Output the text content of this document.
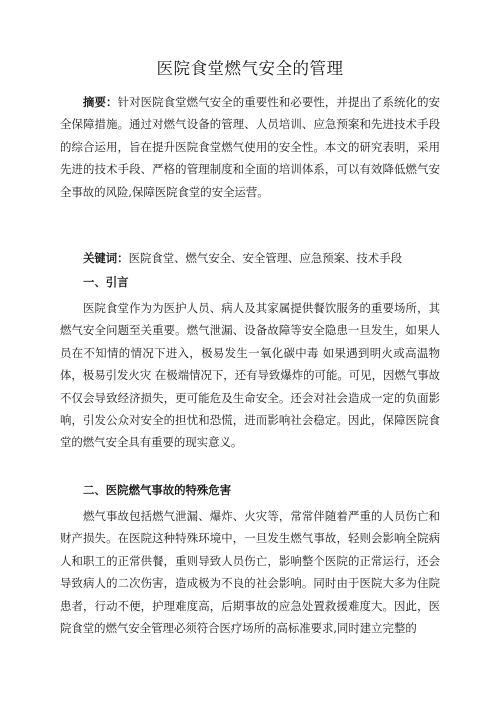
医院食堂燃气安全的管理
摘要：针对医院食堂燃气安全的重要性和必要性，并提出了系统化的安全保障措施。通过对燃气设备的管理、人员培训、应急预案和先进技术手段的综合运用，旨在提升医院食堂燃气使用的安全性。本文的研究表明，采用先进的技术手段、严格的管理制度和全面的培训体系，可以有效降低燃气安全事故的风险,保障医院食堂的安全运营。
关键词：医院食堂、燃气安全、安全管理、应急预案、技术手段
一、引言
医院食堂作为为医护人员、病人及其家属提供餐饮服务的重要场所，其燃气安全问题至关重要。燃气泄漏、设备故障等安全隐患一旦发生，如果人员在不知情的情况下进入，极易发生一氧化碳中毒 如果遇到明火或高温物体，极易引发火灾 在极端情况下，还有导致爆炸的可能。可见，因燃气事故不仅会导致经济损失，更可能危及生命安全。还会对社会造成一定的负面影响，引发公众对安全的担忧和恐慌，进而影响社会稳定。因此，保障医院食堂的燃气安全具有重要的现实意义。
二、医院燃气事故的特殊危害
燃气事故包括燃气泄漏、爆炸、火灾等，常常伴随着严重的人员伤亡和财产损失。在医院这种特殊环境中，一旦发生燃气事故，轻则会影响全院病人和职工的正常供餐，重则导致人员伤亡，影响整个医院的正常运行，还会导致病人的二次伤害，造成极为不良的社会影响。同时由于医院大多为住院患者，行动不便，护理难度高，后期事故的应急处置救援难度大。因此，医院食堂的燃气安全管理必须符合医疗场所的高标准要求,同时建立完整的
